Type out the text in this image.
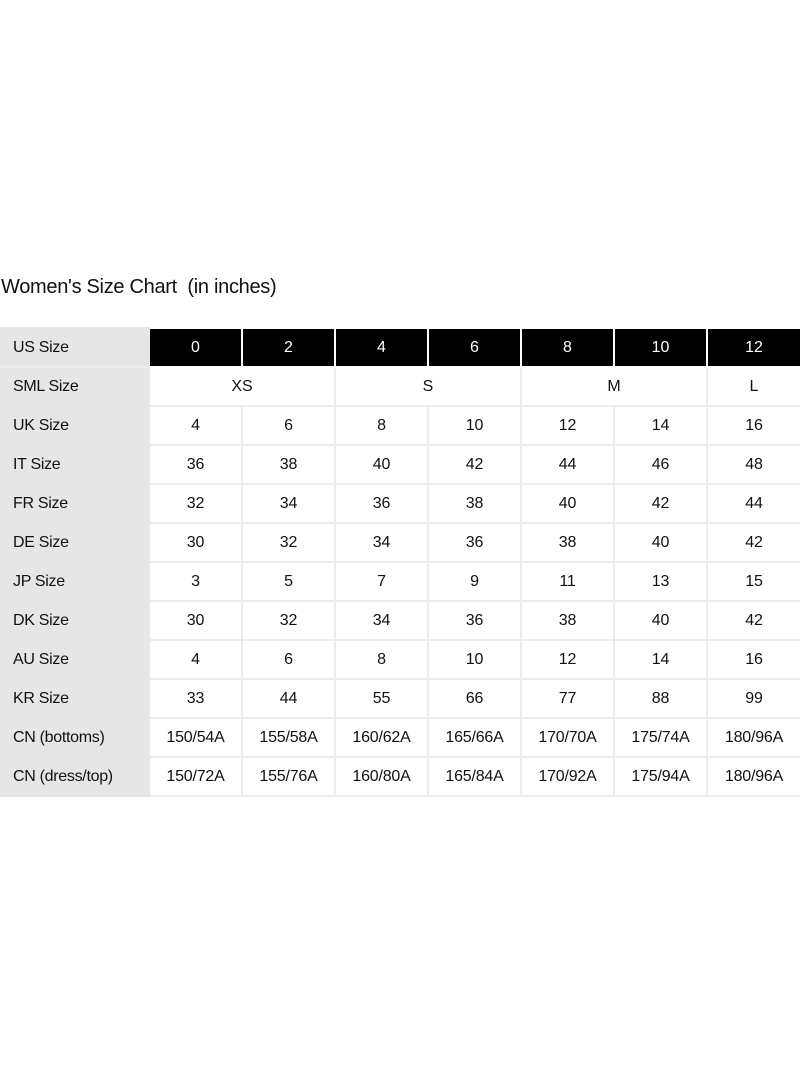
Women's Size Chart  (in inches)
US Size	0	2	4	6	8	10	12
SML Size	XS		S		M		L
UK Size	4	6	8	10	12	14	16
IT Size	36	38	40	42	44	46	48
FR Size	32	34	36	38	40	42	44
DE Size	30	32	34	36	38	40	42
JP Size	3	5	7	9	11	13	15
DK Size	30	32	34	36	38	40	42
AU Size	4	6	8	10	12	14	16
KR Size	33	44	55	66	77	88	99
CN (bottoms)	150/54A	155/58A	160/62A	165/66A	170/70A	175/74A	180/96A
CN (dress/top)	150/72A	155/76A	160/80A	165/84A	170/92A	175/94A	180/96A
